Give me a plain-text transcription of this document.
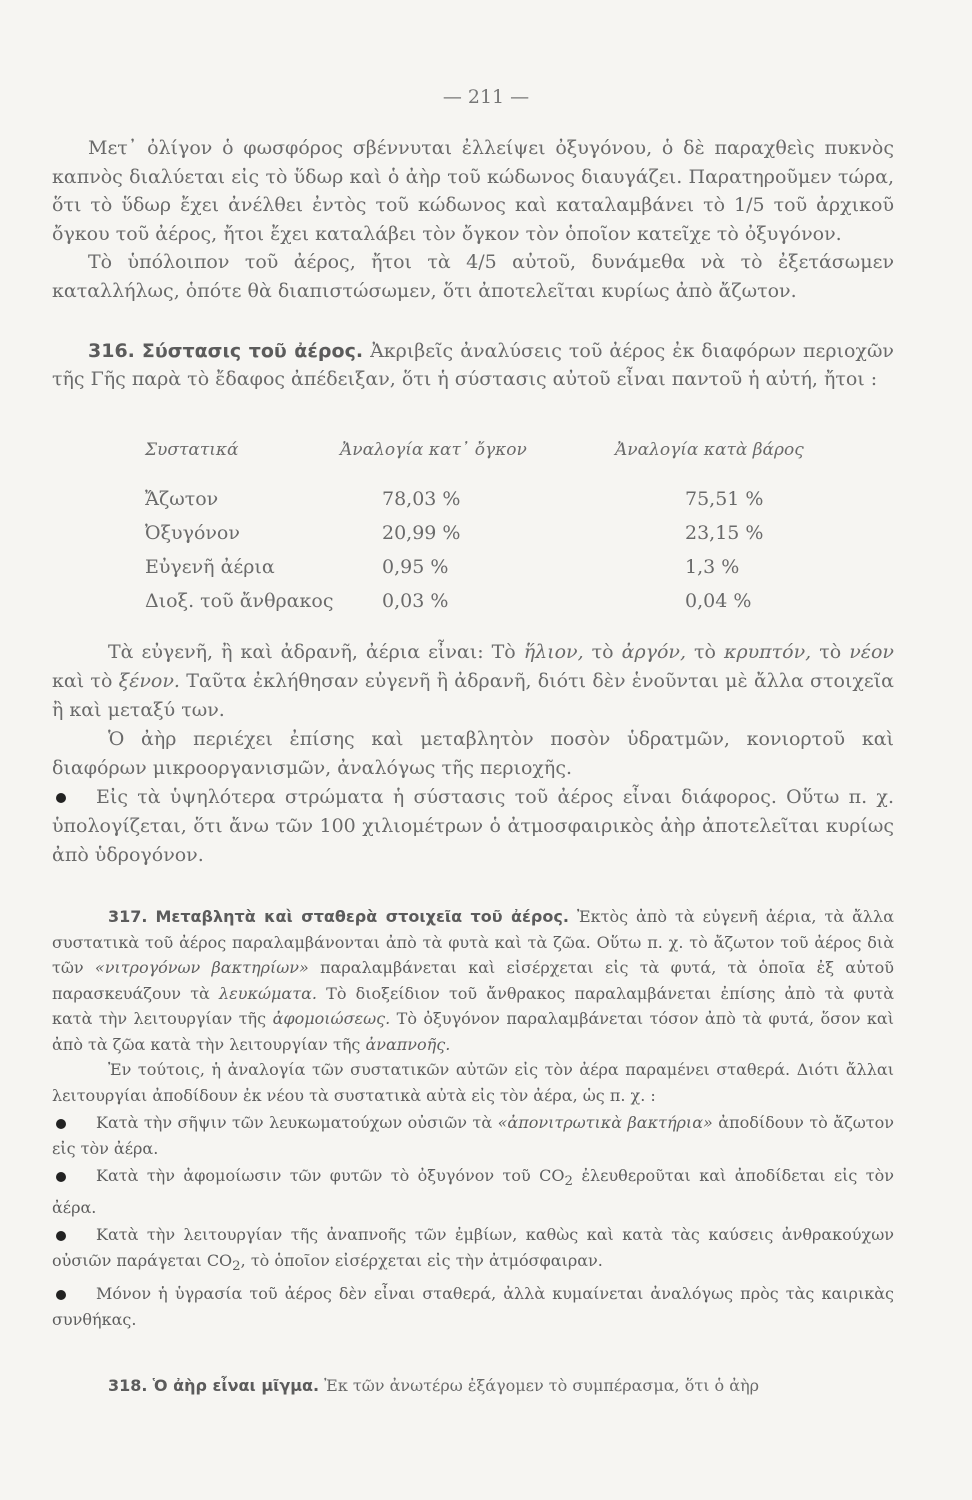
— 211 —

Μετ᾽ ὀλίγον ὁ φωσφόρος σβέννυται ἐλλείψει ὀξυγόνου, ὁ δὲ παραχθεὶς πυκνὸς καπνὸς διαλύεται εἰς τὸ ὕδωρ καὶ ὁ ἀὴρ τοῦ κώδωνος διαυγάζει. Παρατηροῦμεν τώρα, ὅτι τὸ ὕδωρ ἔχει ἀνέλθει ἐντὸς τοῦ κώδωνος καὶ καταλαμβάνει τὸ 1/5 τοῦ ἀρχικοῦ ὄγκου τοῦ ἀέρος, ἤτοι ἔχει καταλάβει τὸν ὄγκον τὸν ὁποῖον κατεῖχε τὸ ὀξυγόνον.

Τὸ ὑπόλοιπον τοῦ ἀέρος, ἤτοι τὰ 4/5 αὐτοῦ, δυνάμεθα νὰ τὸ ἐξετάσωμεν καταλλήλως, ὁπότε θὰ διαπιστώσωμεν, ὅτι ἀποτελεῖται κυρίως ἀπὸ ἄζωτον.

316. Σύστασις τοῦ ἀέρος. Ἀκριβεῖς ἀναλύσεις τοῦ ἀέρος ἐκ διαφόρων περιοχῶν τῆς Γῆς παρὰ τὸ ἔδαφος ἀπέδειξαν, ὅτι ἡ σύστασις αὐτοῦ εἶναι παντοῦ ἡ αὐτή, ἤτοι :

Συστατικά	Ἀναλογία κατ᾽ ὄγκον	Ἀναλογία κατὰ βάρος
Ἄζωτον	78,03 %	75,51 %
Ὀξυγόνον	20,99 %	23,15 %
Εὐγενῆ ἀέρια	0,95 %	1,3 %
Διοξ. τοῦ ἄνθρακος	0,03 %	0,04 %

Τὰ εὐγενῆ, ἢ καὶ ἀδρανῆ, ἀέρια εἶναι: Τὸ ἥλιον, τὸ ἀργόν, τὸ κρυπτόν, τὸ νέον καὶ τὸ ξένον. Ταῦτα ἐκλήθησαν εὐγενῆ ἢ ἀδρανῆ, διότι δὲν ἑνοῦνται μὲ ἄλλα στοιχεῖα ἢ καὶ μεταξύ των.

Ὁ ἀὴρ περιέχει ἐπίσης καὶ μεταβλητὸν ποσὸν ὑδρατμῶν, κονιορτοῦ καὶ διαφόρων μικροοργανισμῶν, ἀναλόγως τῆς περιοχῆς.

Εἰς τὰ ὑψηλότερα στρώματα ἡ σύστασις τοῦ ἀέρος εἶναι διάφορος. Οὕτω π. χ. ὑπολογίζεται, ὅτι ἄνω τῶν 100 χιλιομέτρων ὁ ἀτμοσφαιρικὸς ἀὴρ ἀποτελεῖται κυρίως ἀπὸ ὑδρογόνον.

317. Μεταβλητὰ καὶ σταθερὰ στοιχεῖα τοῦ ἀέρος. Ἐκτὸς ἀπὸ τὰ εὐγενῆ ἀέρια, τὰ ἄλλα συστατικὰ τοῦ ἀέρος παραλαμβάνονται ἀπὸ τὰ φυτὰ καὶ τὰ ζῶα. Οὕτω π. χ. τὸ ἄζωτον τοῦ ἀέρος διὰ τῶν «νιτρογόνων βακτηρίων» παραλαμβάνεται καὶ εἰσέρχεται εἰς τὰ φυτά, τὰ ὁποῖα ἐξ αὐτοῦ παρασκευάζουν τὰ λευκώματα. Τὸ διοξείδιον τοῦ ἄνθρακος παραλαμβάνεται ἐπίσης ἀπὸ τὰ φυτὰ κατὰ τὴν λειτουργίαν τῆς ἀφομοιώσεως. Τὸ ὀξυγόνον παραλαμβάνεται τόσον ἀπὸ τὰ φυτά, ὅσον καὶ ἀπὸ τὰ ζῶα κατὰ τὴν λειτουργίαν τῆς ἀναπνοῆς.

Ἐν τούτοις, ἡ ἀναλογία τῶν συστατικῶν αὐτῶν εἰς τὸν ἀέρα παραμένει σταθερά. Διότι ἄλλαι λειτουργίαι ἀποδίδουν ἐκ νέου τὰ συστατικὰ αὐτὰ εἰς τὸν ἀέρα, ὡς π. χ. :

Κατὰ τὴν σῆψιν τῶν λευκωματούχων οὐσιῶν τὰ «ἀπονιτρωτικὰ βακτήρια» ἀποδίδουν τὸ ἄζωτον εἰς τὸν ἀέρα.

Κατὰ τὴν ἀφομοίωσιν τῶν φυτῶν τὸ ὀξυγόνον τοῦ $CO_2$ ἐλευθεροῦται καὶ ἀποδίδεται εἰς τὸν ἀέρα.

Κατὰ τὴν λειτουργίαν τῆς ἀναπνοῆς τῶν ἐμβίων, καθὼς καὶ κατὰ τὰς καύσεις ἀνθρακούχων οὐσιῶν παράγεται $CO_2$, τὸ ὁποῖον εἰσέρχεται εἰς τὴν ἀτμόσφαιραν.

Μόνον ἡ ὑγρασία τοῦ ἀέρος δὲν εἶναι σταθερά, ἀλλὰ κυμαίνεται ἀναλόγως πρὸς τὰς καιρικὰς συνθήκας.

318. Ὁ ἀὴρ εἶναι μῖγμα. Ἐκ τῶν ἀνωτέρω ἐξάγομεν τὸ συμπέρασμα, ὅτι ὁ ἀὴρ
